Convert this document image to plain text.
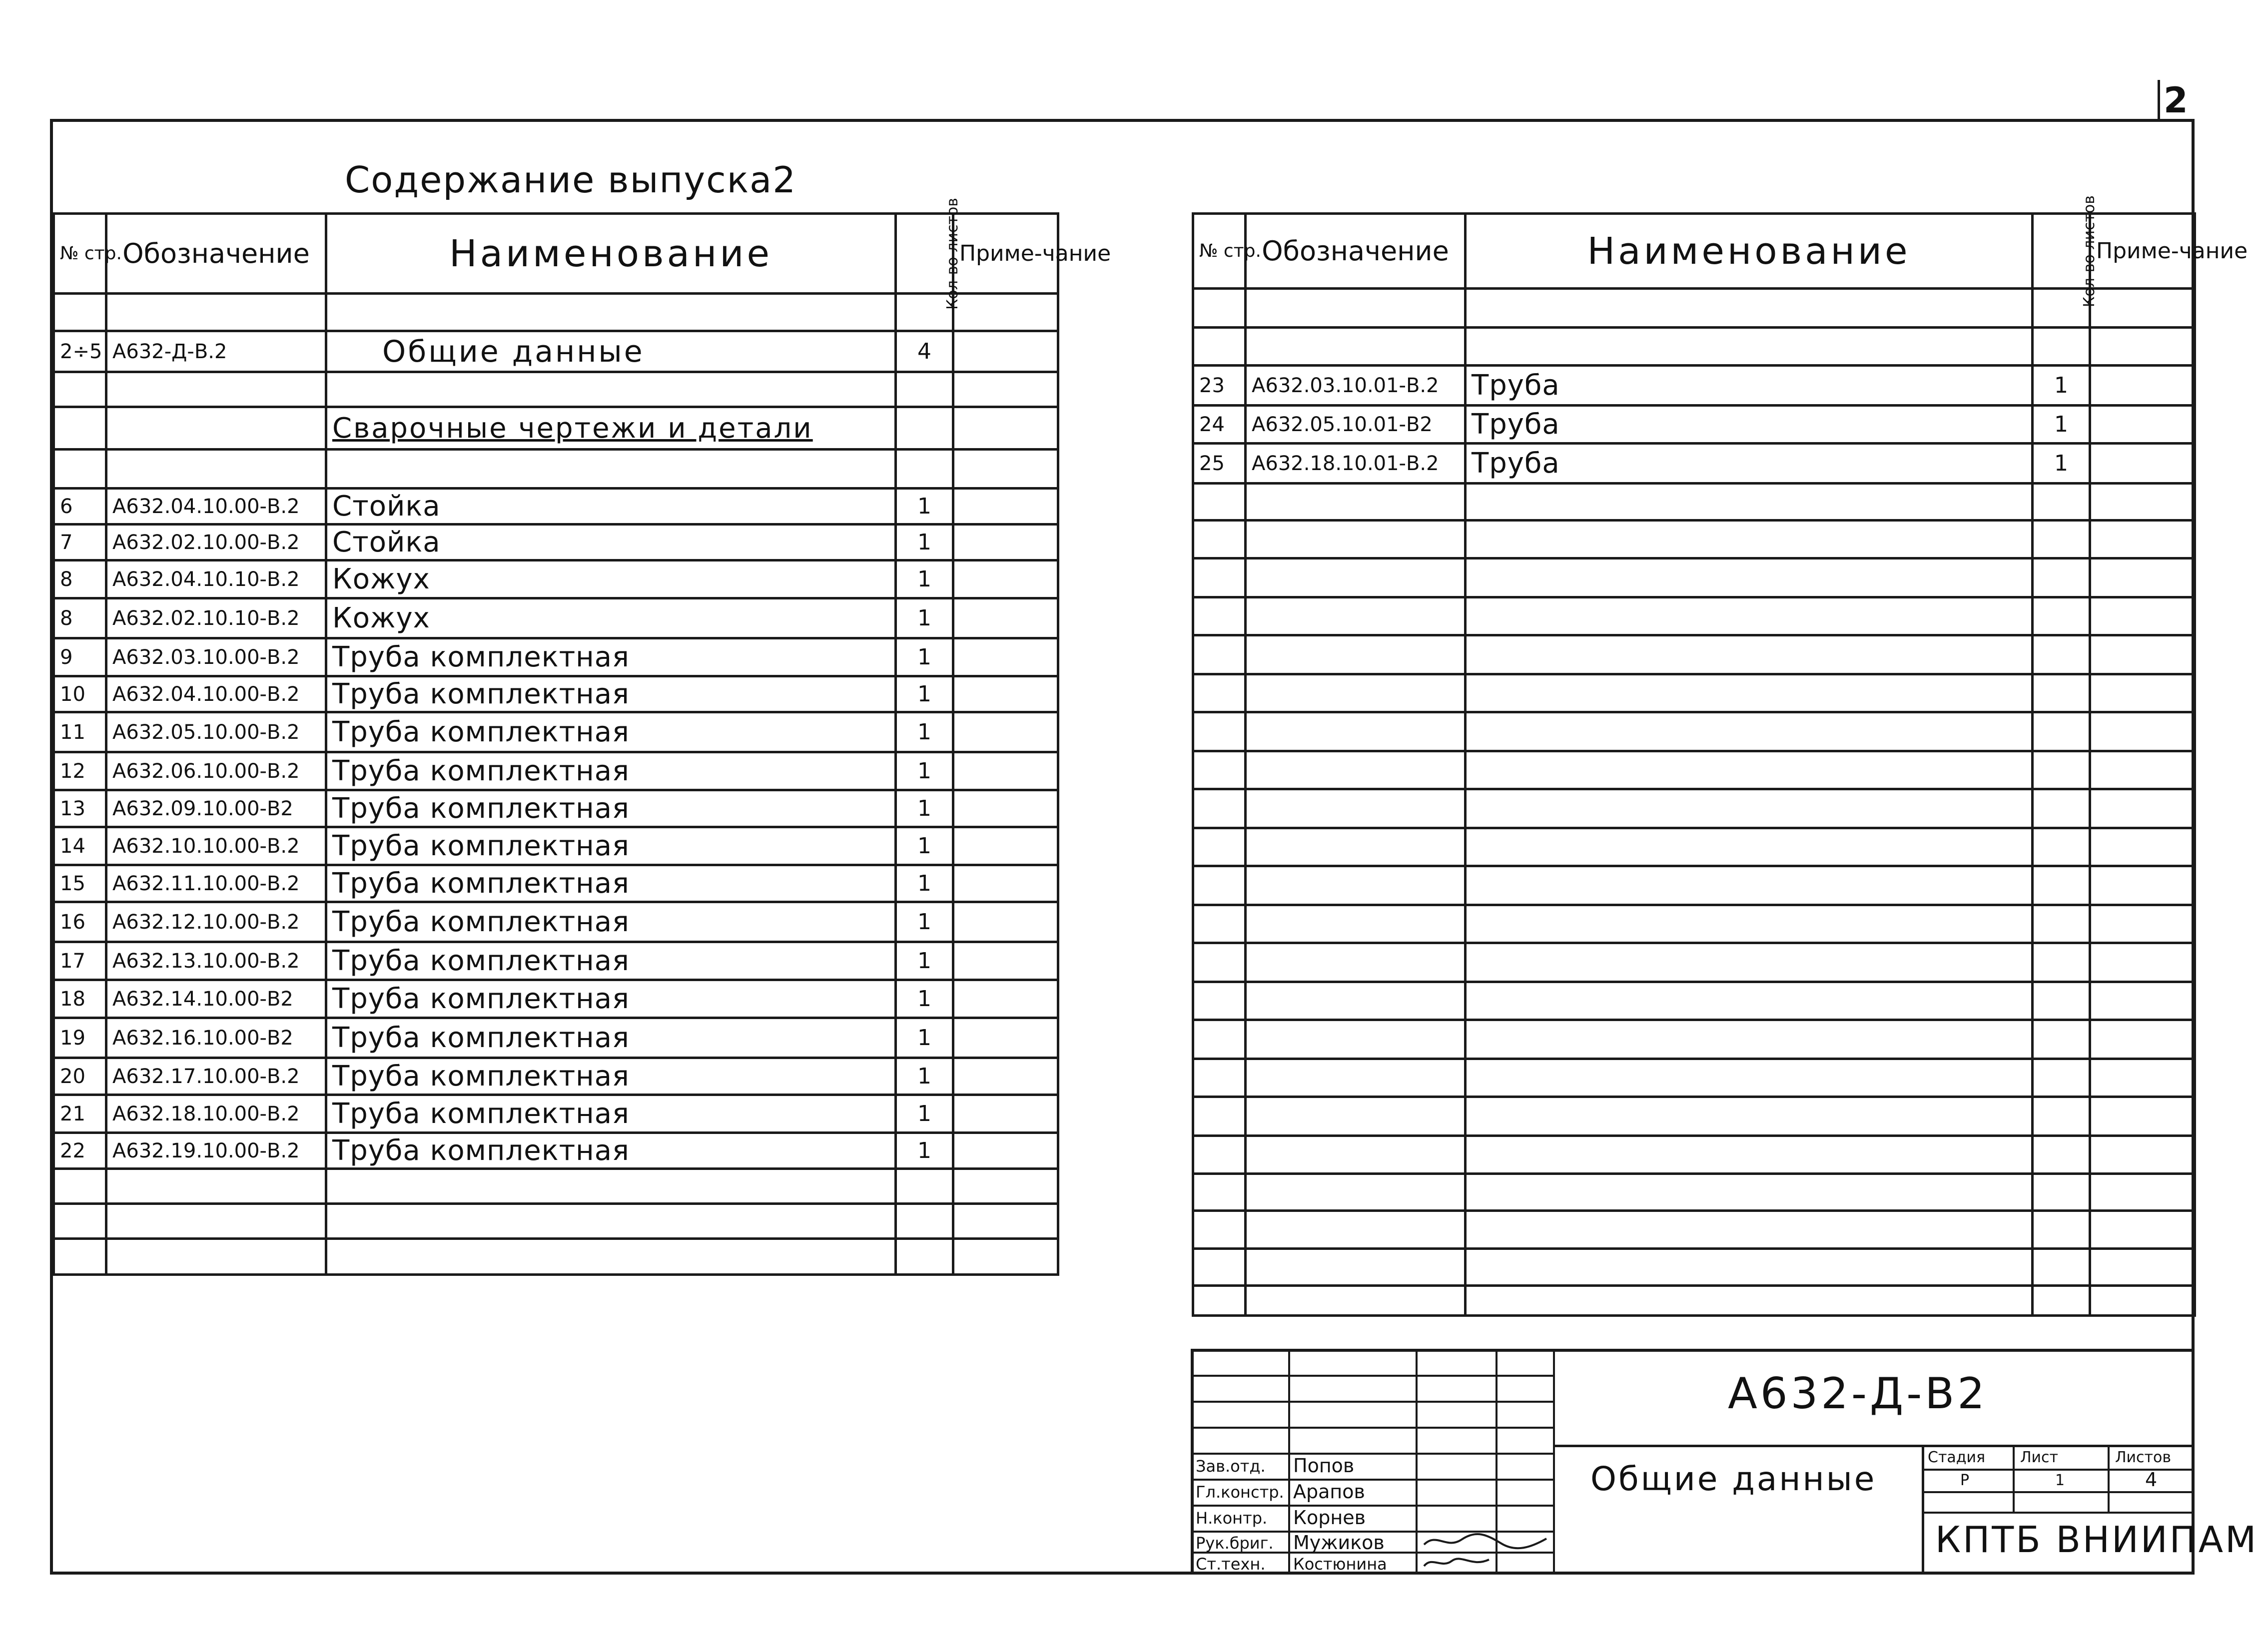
2
Содержание выпуска2
№ стр.	Обозначение	Наименование	Кол-во листов	Приме-чание

2÷5	А632-Д-В.2	Общие данные	4	

		Сварочные чертежи и детали		

6	А632.04.10.00-В.2	Стойка	1	
7	А632.02.10.00-В.2	Стойка	1	
8	А632.04.10.10-В.2	Кожух	1	
8	А632.02.10.10-В.2	Кожух	1	
9	А632.03.10.00-В.2	Труба комплектная	1	
10	А632.04.10.00-В.2	Труба комплектная	1	
11	А632.05.10.00-В.2	Труба комплектная	1	
12	А632.06.10.00-В.2	Труба комплектная	1	
13	А632.09.10.00-В2	Труба комплектная	1	
14	А632.10.10.00-В.2	Труба комплектная	1	
15	А632.11.10.00-В.2	Труба комплектная	1	
16	А632.12.10.00-В.2	Труба комплектная	1	
17	А632.13.10.00-В.2	Труба комплектная	1	
18	А632.14.10.00-В2	Труба комплектная	1	
19	А632.16.10.00-В2	Труба комплектная	1	
20	А632.17.10.00-В.2	Труба комплектная	1	
21	А632.18.10.00-В.2	Труба комплектная	1	
22	А632.19.10.00-В.2	Труба комплектная	1	

№ стр.	Обозначение	Наименование	Кол-во листов	Приме-чание

23	А632.03.10.01-В.2	Труба	1	
24	А632.05.10.01-В2	Труба	1	
25	А632.18.10.01-В.2	Труба	1	

А632-Д-В2
Общие данные
КПТБ ВНИИПАМ
Стадия Лист	Листов
Р	1	4
Зав.отд. Попов
Гл.констр. Арапов
Н.контр. Корнев
Рук.бриг. Мужиков
Ст.техн. Костюнина
